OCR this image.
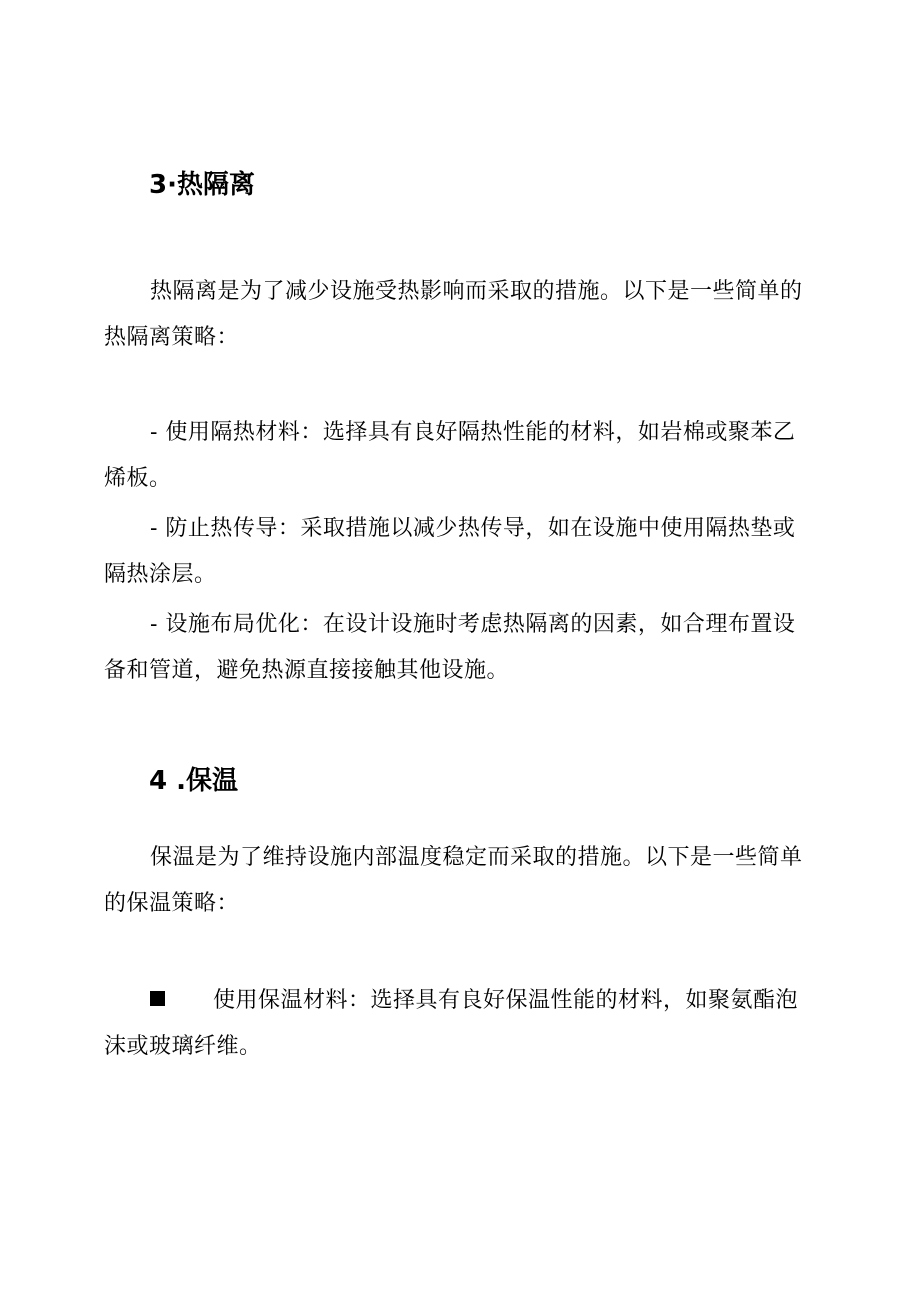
3·热隔离

热隔离是为了减少设施受热影响而采取的措施。以下是一些简单的热隔离策略：

- 使用隔热材料：选择具有良好隔热性能的材料，如岩棉或聚苯乙烯板。

- 防止热传导：采取措施以减少热传导，如在设施中使用隔热垫或隔热涂层。

- 设施布局优化：在设计设施时考虑热隔离的因素，如合理布置设备和管道，避免热源直接接触其他设施。

4 .保温

保温是为了维持设施内部温度稳定而采取的措施。以下是一些简单的保温策略：

使用保温材料：选择具有良好保温性能的材料，如聚氨酯泡沫或玻璃纤维。
